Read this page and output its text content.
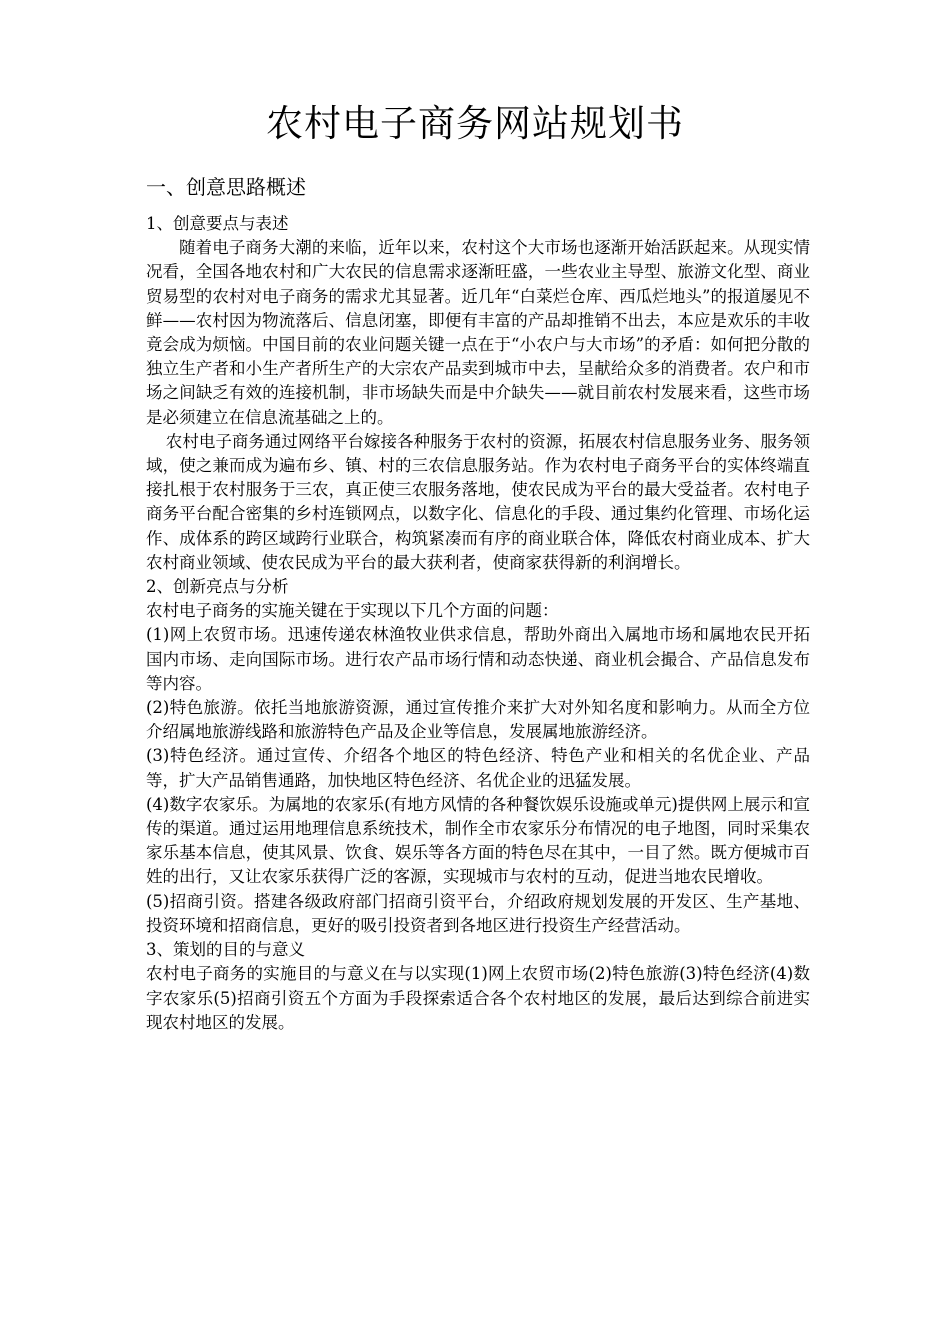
农村电子商务网站规划书
一、创意思路概述

1、创意要点与表述

随着电子商务大潮的来临，近年以来，农村这个大市场也逐渐开始活跃起来。从现实情况看，全国各地农村和广大农民的信息需求逐渐旺盛，一些农业主导型、旅游文化型、商业贸易型的农村对电子商务的需求尤其显著。近几年“白菜烂仓库、西瓜烂地头”的报道屡见不鲜——农村因为物流落后、信息闭塞，即便有丰富的产品却推销不出去，本应是欢乐的丰收竟会成为烦恼。中国目前的农业问题关键一点在于“小农户与大市场”的矛盾：如何把分散的独立生产者和小生产者所生产的大宗农产品卖到城市中去，呈献给众多的消费者。农户和市场之间缺乏有效的连接机制，非市场缺失而是中介缺失——就目前农村发展来看，这些市场是必须建立在信息流基础之上的。

农村电子商务通过网络平台嫁接各种服务于农村的资源，拓展农村信息服务业务、服务领域，使之兼而成为遍布乡、镇、村的三农信息服务站。作为农村电子商务平台的实体终端直接扎根于农村服务于三农，真正使三农服务落地，使农民成为平台的最大受益者。农村电子商务平台配合密集的乡村连锁网点，以数字化、信息化的手段、通过集约化管理、市场化运作、成体系的跨区域跨行业联合，构筑紧凑而有序的商业联合体，降低农村商业成本、扩大农村商业领域、使农民成为平台的最大获利者，使商家获得新的利润增长。

2、创新亮点与分析

农村电子商务的实施关键在于实现以下几个方面的问题：

(1)网上农贸市场。迅速传递农林渔牧业供求信息，帮助外商出入属地市场和属地农民开拓国内市场、走向国际市场。进行农产品市场行情和动态快递、商业机会撮合、产品信息发布等内容。

(2)特色旅游。依托当地旅游资源，通过宣传推介来扩大对外知名度和影响力。从而全方位介绍属地旅游线路和旅游特色产品及企业等信息，发展属地旅游经济。

(3)特色经济。通过宣传、介绍各个地区的特色经济、特色产业和相关的名优企业、产品等，扩大产品销售通路，加快地区特色经济、名优企业的迅猛发展。

(4)数字农家乐。为属地的农家乐(有地方风情的各种餐饮娱乐设施或单元)提供网上展示和宣传的渠道。通过运用地理信息系统技术，制作全市农家乐分布情况的电子地图，同时采集农家乐基本信息，使其风景、饮食、娱乐等各方面的特色尽在其中，一目了然。既方便城市百姓的出行，又让农家乐获得广泛的客源，实现城市与农村的互动，促进当地农民增收。

(5)招商引资。搭建各级政府部门招商引资平台，介绍政府规划发展的开发区、生产基地、投资环境和招商信息，更好的吸引投资者到各地区进行投资生产经营活动。

3、策划的目的与意义

农村电子商务的实施目的与意义在与以实现(1)网上农贸市场(2)特色旅游(3)特色经济(4)数字农家乐(5)招商引资五个方面为手段探索适合各个农村地区的发展，最后达到综合前进实现农村地区的发展。
